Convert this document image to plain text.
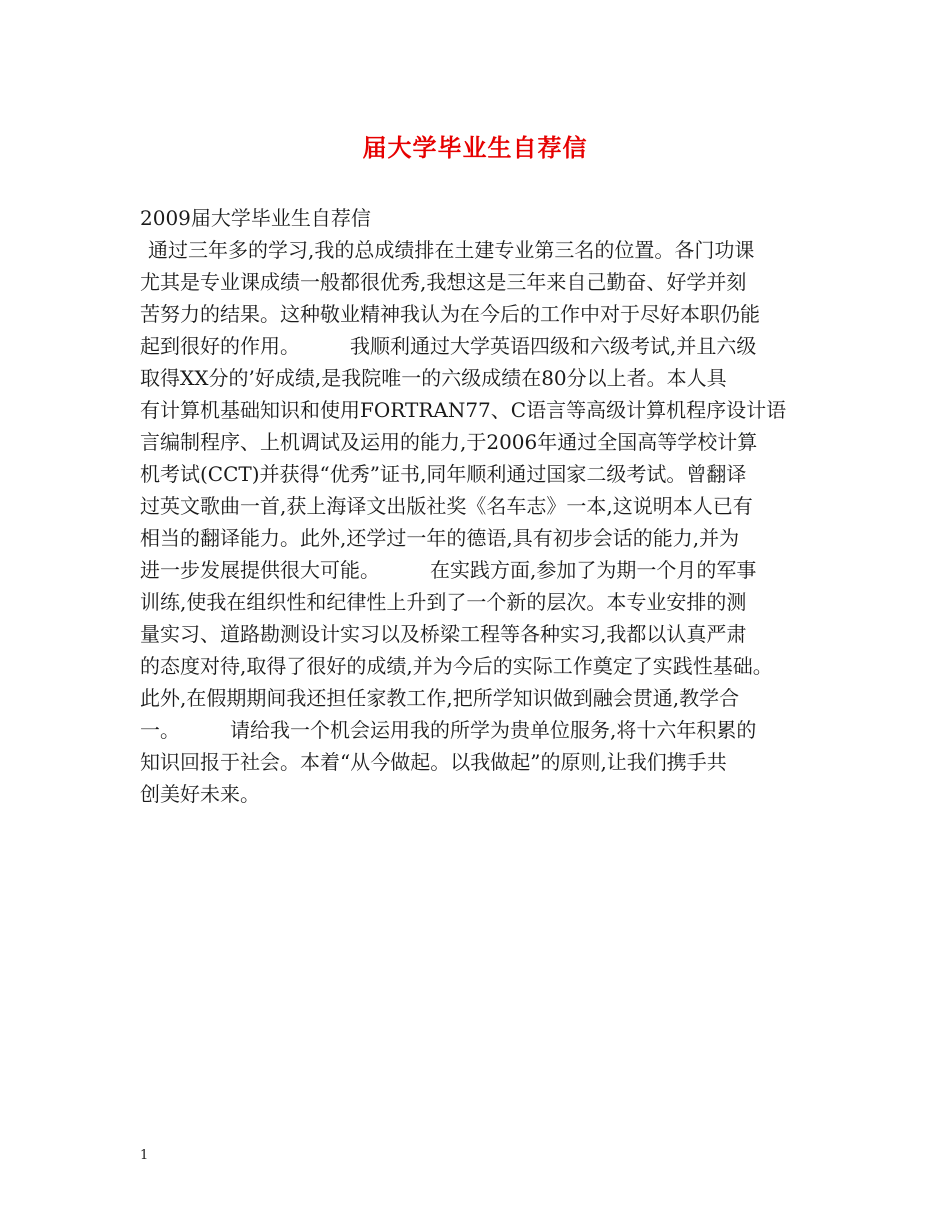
届大学毕业生自荐信
2009届大学毕业生自荐信
通过三年多的学习,我的总成绩排在土建专业第三名的位置。各门功课
尤其是专业课成绩一般都很优秀,我想这是三年来自己勤奋、好学并刻
苦努力的结果。这种敬业精神我认为在今后的工作中对于尽好本职仍能
起到很好的作用。　　　我顺利通过大学英语四级和六级考试,并且六级
取得XX分的’好成绩,是我院唯一的六级成绩在80分以上者。本人具
有计算机基础知识和使用FORTRAN77、C语言等高级计算机程序设计语
言编制程序、上机调试及运用的能力,于2006年通过全国高等学校计算
机考试(CCT)并获得“优秀”证书,同年顺利通过国家二级考试。曾翻译
过英文歌曲一首,获上海译文出版社奖《名车志》一本,这说明本人已有
相当的翻译能力。此外,还学过一年的德语,具有初步会话的能力,并为
进一步发展提供很大可能。　　　在实践方面,参加了为期一个月的军事
训练,使我在组织性和纪律性上升到了一个新的层次。本专业安排的测
量实习、道路勘测设计实习以及桥梁工程等各种实习,我都以认真严肃
的态度对待,取得了很好的成绩,并为今后的实际工作奠定了实践性基础。
此外,在假期期间我还担任家教工作,把所学知识做到融会贯通,教学合
一。　　　请给我一个机会运用我的所学为贵单位服务,将十六年积累的
知识回报于社会。本着“从今做起。以我做起”的原则,让我们携手共
创美好未来。
1
